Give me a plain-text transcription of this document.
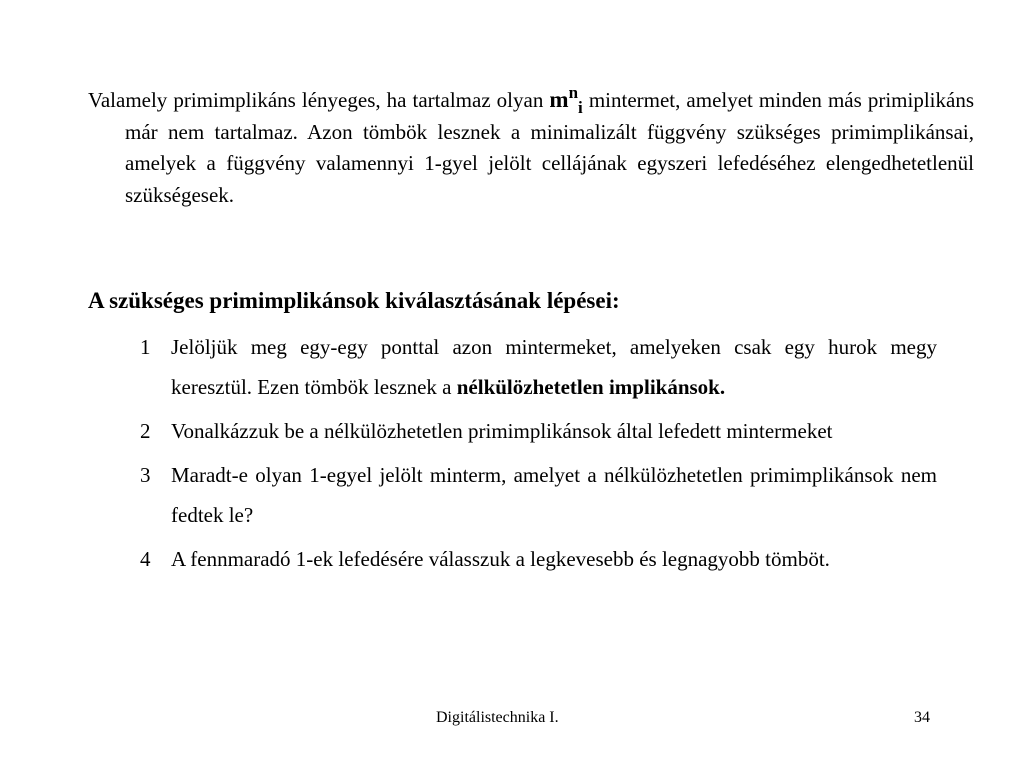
Valamely primimplikáns lényeges, ha tartalmaz olyan $m^n_i$ mintermet, amelyet minden más primiplikáns már nem tartalmaz. Azon tömbök lesznek a minimalizált függvény szükséges primimplikánsai, amelyek a függvény valamennyi 1-gyel jelölt cellájának egyszeri lefedéséhez elengedhetetlenül szükségesek.

A szükséges primimplikánsok kiválasztásának lépései:
1 Jelöljük meg egy-egy ponttal azon mintermeket, amelyeken csak egy hurok megy keresztül. Ezen tömbök lesznek a nélkülözhetetlen implikánsok.
2 Vonalkázzuk be a nélkülözhetetlen primimplikánsok által lefedett mintermeket
3 Maradt-e olyan 1-egyel jelölt minterm, amelyet a nélkülözhetetlen primimplikánsok nem fedtek le?
4 A fennmaradó 1-ek lefedésére válasszuk a legkevesebb és legnagyobb tömböt.
Digitálistechnika I.	34
